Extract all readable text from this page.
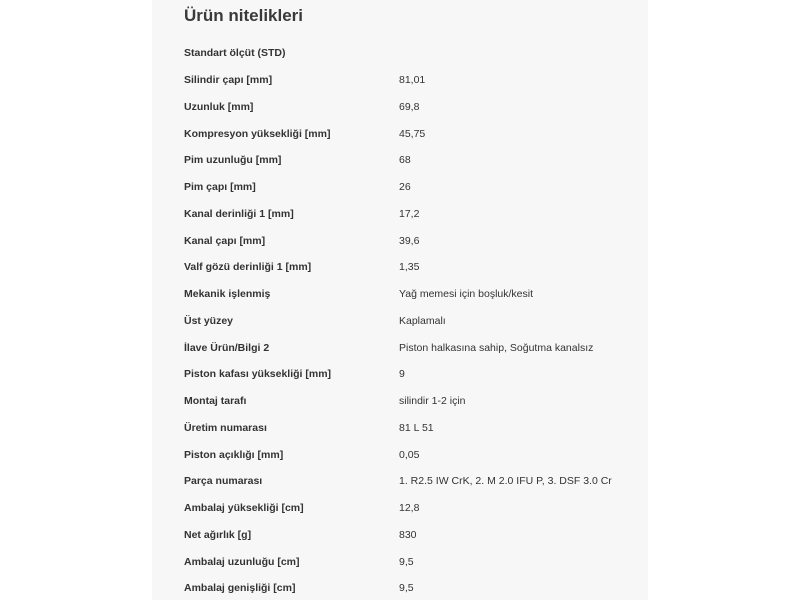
Ürün nitelikleri
Standart ölçüt (STD)
Silindir çapı [mm]	81,01
Uzunluk [mm]	69,8
Kompresyon yüksekliği [mm]	45,75
Pim uzunluğu [mm]	68
Pim çapı [mm]	26
Kanal derinliği 1 [mm]	17,2
Kanal çapı [mm]	39,6
Valf gözü derinliği 1 [mm]	1,35
Mekanik işlenmiş	Yağ memesi için boşluk/kesit
Üst yüzey	Kaplamalı
İlave Ürün/Bilgi 2	Piston halkasına sahip, Soğutma kanalsız
Piston kafası yüksekliği [mm]	9
Montaj tarafı	silindir 1-2 için
Üretim numarası	81 L 51
Piston açıklığı [mm]	0,05
Parça numarası	1. R2.5 IW CrK, 2. M 2.0 IFU P, 3. DSF 3.0 Cr
Ambalaj yüksekliği [cm]	12,8
Net ağırlık [g]	830
Ambalaj uzunluğu [cm]	9,5
Ambalaj genişliği [cm]	9,5
